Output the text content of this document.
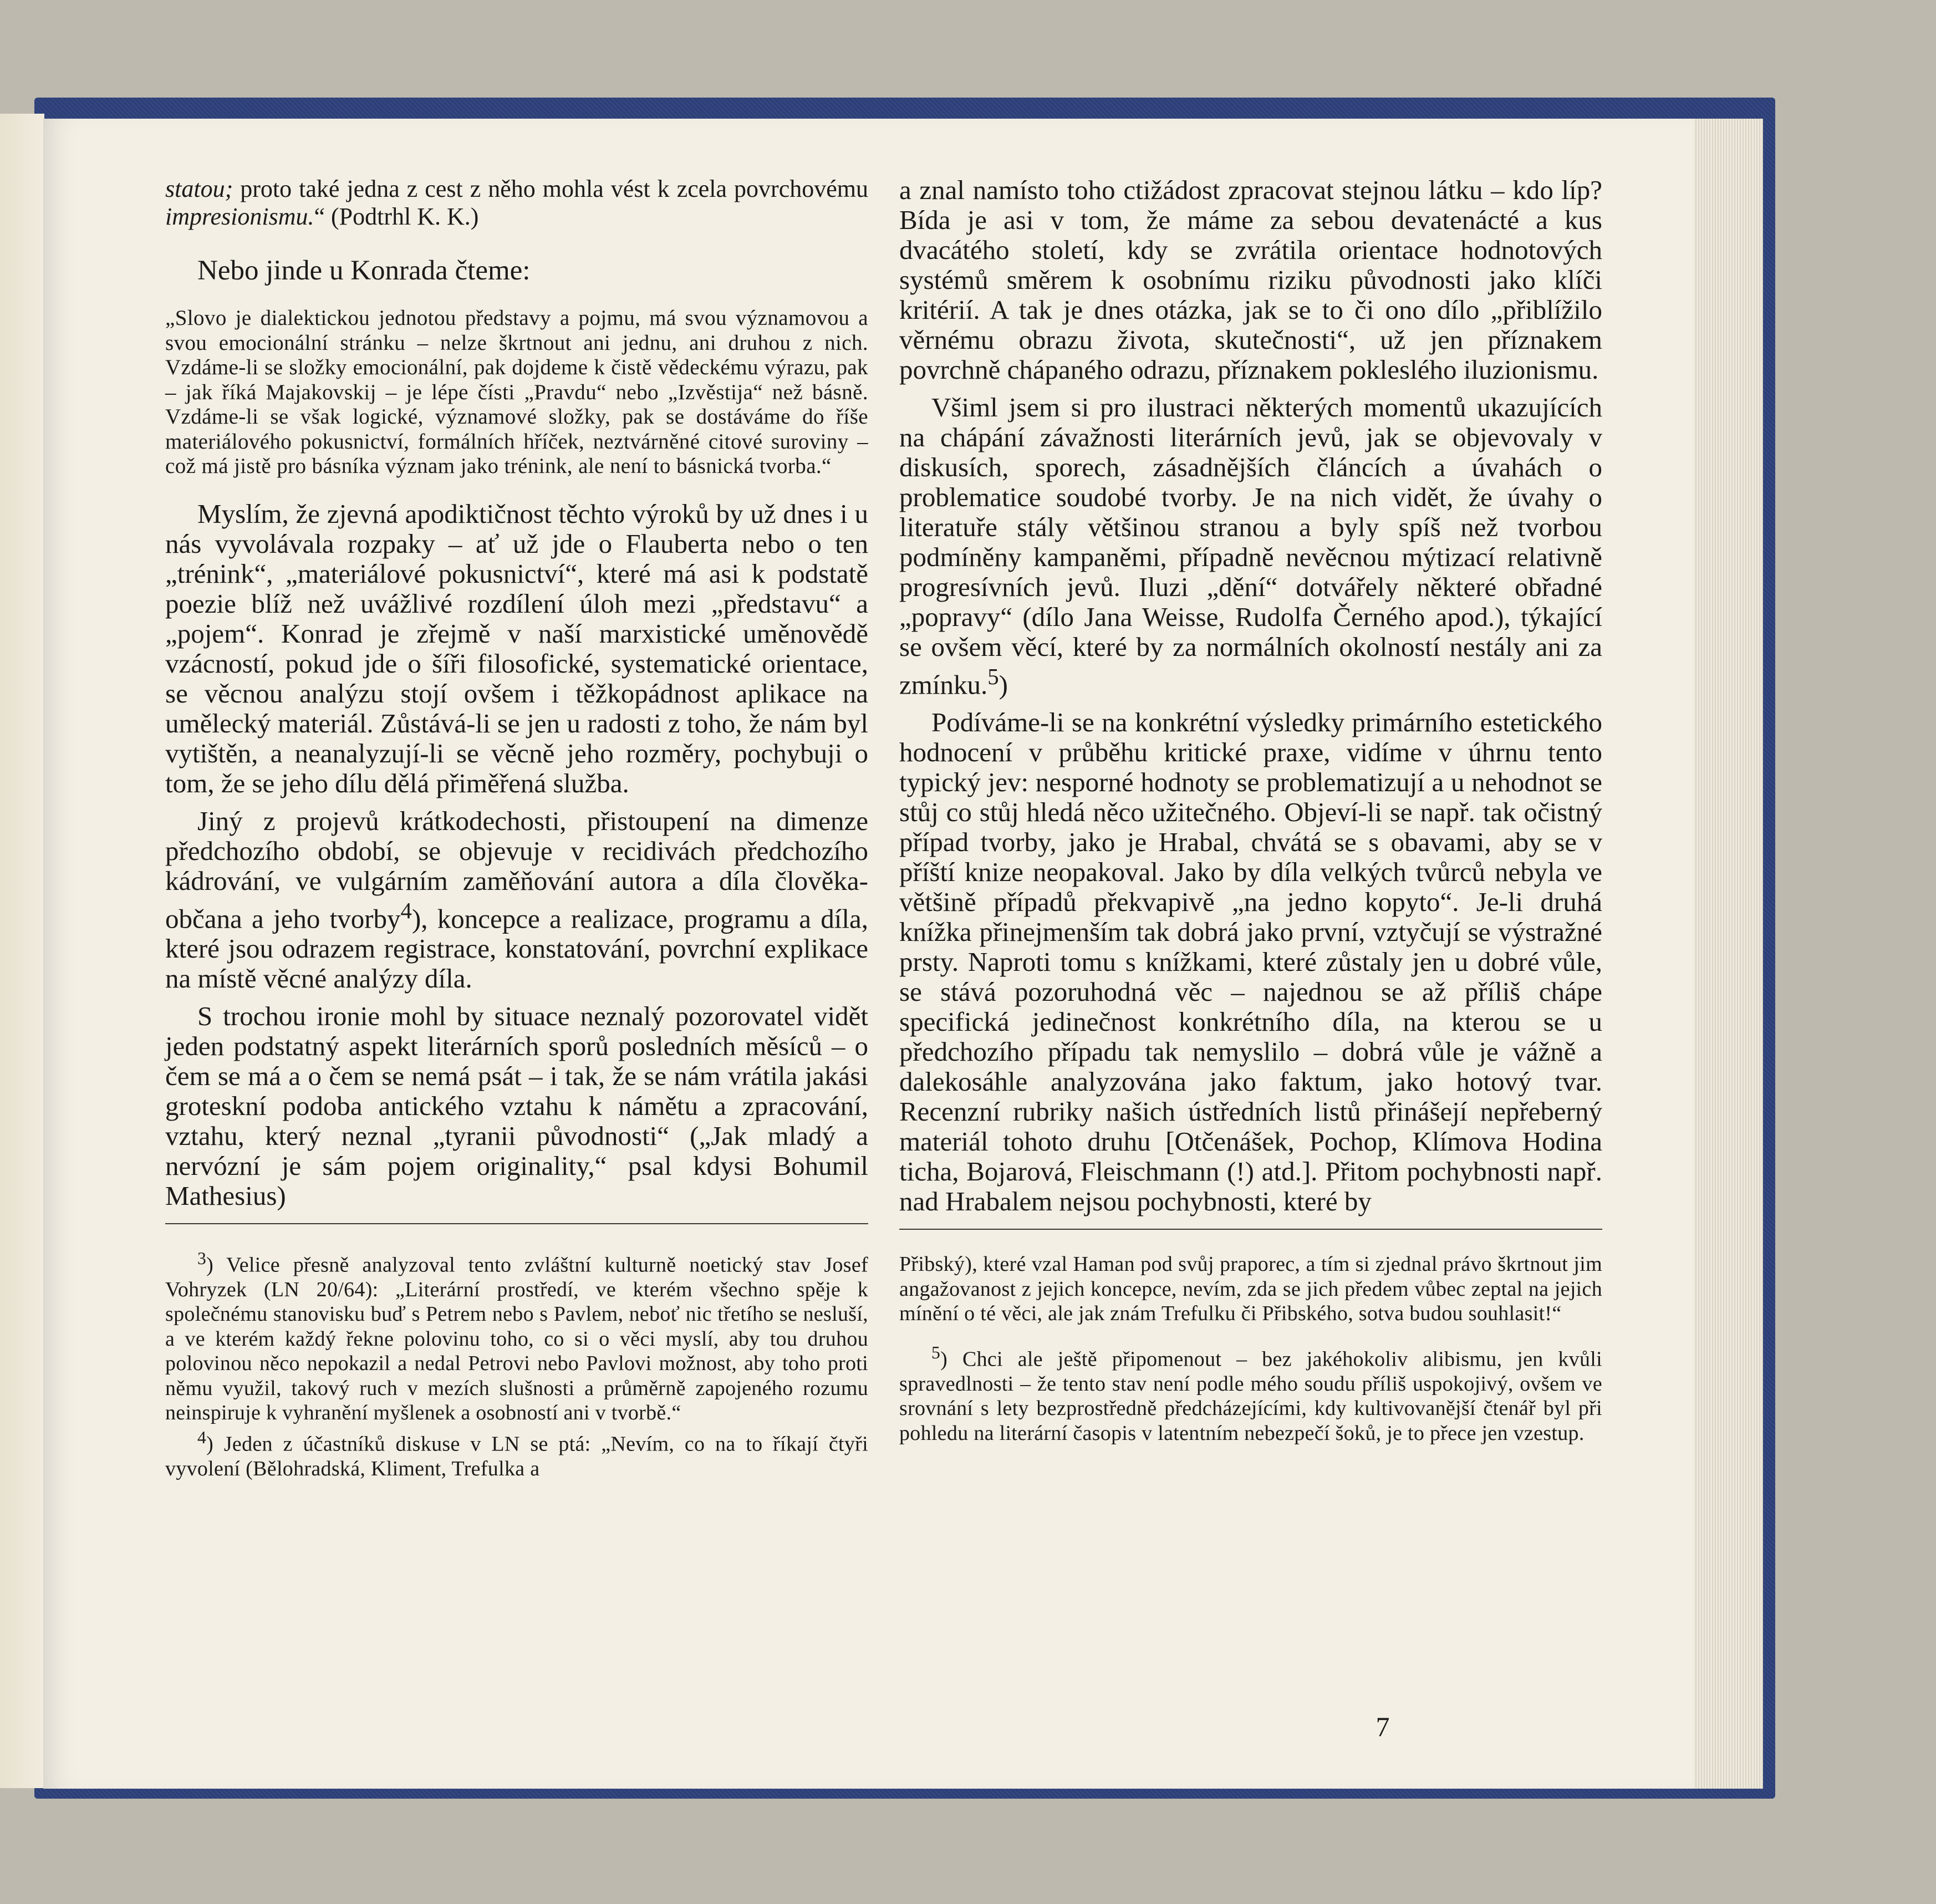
statou; proto také jedna z cest z něho mohla vést k zcela povrchovému impresionismu.“ (Podtrhl K. K.)

Nebo jinde u Konrada čteme:

„Slovo je dialektickou jednotou představy a pojmu, má svou významovou a svou emocionální stránku – nelze škrtnout ani jednu, ani druhou z nich. Vzdáme-li se složky emocionální, pak dojdeme k čistě vědeckému výrazu, pak – jak říká Majakovskij – je lépe čísti „Pravdu“ nebo „Izvěstija“ než básně. Vzdáme-li se však logické, významové složky, pak se dostáváme do říše materiálového pokusnictví, formálních hříček, neztvárněné citové suroviny – což má jistě pro básníka význam jako trénink, ale není to básnická tvorba.“

Myslím, že zjevná apodiktičnost těchto výroků by už dnes i u nás vyvolávala rozpaky – ať už jde o Flauberta nebo o ten „trénink“, „materiálové pokusnictví“, které má asi k podstatě poezie blíž než uvážlivé rozdílení úloh mezi „představu“ a „pojem“. Konrad je zřejmě v naší marxistické uměnovědě vzácností, pokud jde o šíři filosofické, systematické orientace, se věcnou analýzu stojí ovšem i těžkopádnost aplikace na umělecký materiál. Zůstává-li se jen u radosti z toho, že nám byl vytištěn, a neanalyzují-li se věcně jeho rozměry, pochybuji o tom, že se jeho dílu dělá přiměřená služba.

Jiný z projevů krátkodechosti, přistoupení na dimenze předchozího období, se objevuje v recidivách předchozího kádrování, ve vulgárním zaměňování autora a díla člověka-občana a jeho tvorby$^4$), koncepce a realizace, programu a díla, které jsou odrazem registrace, konstatování, povrchní explikace na místě věcné analýzy díla.

S trochou ironie mohl by situace neznalý pozorovatel vidět jeden podstatný aspekt literárních sporů posledních měsíců – o čem se má a o čem se nemá psát – i tak, že se nám vrátila jakási groteskní podoba antického vztahu k námětu a zpracování, vztahu, který neznal „tyranii původnosti“ („Jak mladý a nervózní je sám pojem originality,“ psal kdysi Bohumil Mathesius)

$^3$) Velice přesně analyzoval tento zvláštní kulturně noetický stav Josef Vohryzek (LN 20/64): „Literární prostředí, ve kterém všechno spěje k společnému stanovisku buď s Petrem nebo s Pavlem, neboť nic třetího se nesluší, a ve kterém každý řekne polovinu toho, co si o věci myslí, aby tou druhou polovinou něco nepokazil a nedal Petrovi nebo Pavlovi možnost, aby toho proti němu využil, takový ruch v mezích slušnosti a průměrně zapojeného rozumu neinspiruje k vyhranění myšlenek a osobností ani v tvorbě.“

$^4$) Jeden z účastníků diskuse v LN se ptá: „Nevím, co na to říkají čtyři vyvolení (Bělohradská, Kliment, Trefulka a

a znal namísto toho ctižádost zpracovat stejnou látku – kdo líp? Bída je asi v tom, že máme za sebou devatenácté a kus dvacátého století, kdy se zvrátila orientace hodnotových systémů směrem k osobnímu riziku původnosti jako klíči kritérií. A tak je dnes otázka, jak se to či ono dílo „přiblížilo věrnému obrazu života, skutečnosti“, už jen příznakem povrchně chápaného odrazu, příznakem pokleslého iluzionismu.

Všiml jsem si pro ilustraci některých momentů ukazujících na chápání závažnosti literárních jevů, jak se objevovaly v diskusích, sporech, zásadnějších článcích a úvahách o problematice soudobé tvorby. Je na nich vidět, že úvahy o literatuře stály většinou stranou a byly spíš než tvorbou podmíněny kampaněmi, případně nevěcnou mýtizací relativně progresívních jevů. Iluzi „dění“ dotvářely některé obřadné „popravy“ (dílo Jana Weisse, Rudolfa Černého apod.), týkající se ovšem věcí, které by za normálních okolností nestály ani za zmínku.$^5$)

Podíváme-li se na konkrétní výsledky primárního estetického hodnocení v průběhu kritické praxe, vidíme v úhrnu tento typický jev: nesporné hodnoty se problematizují a u nehodnot se stůj co stůj hledá něco užitečného. Objeví-li se např. tak očistný případ tvorby, jako je Hrabal, chvátá se s obavami, aby se v příští knize neopakoval. Jako by díla velkých tvůrců nebyla ve většině případů překvapivě „na jedno kopyto“. Je-li druhá knížka přinejmenším tak dobrá jako první, vztyčují se výstražné prsty. Naproti tomu s knížkami, které zůstaly jen u dobré vůle, se stává pozoruhodná věc – najednou se až příliš chápe specifická jedinečnost konkrétního díla, na kterou se u předchozího případu tak nemyslilo – dobrá vůle je vážně a dalekosáhle analyzována jako faktum, jako hotový tvar. Recenzní rubriky našich ústředních listů přinášejí nepřeberný materiál tohoto druhu [Otčenášek, Pochop, Klímova Hodina ticha, Bojarová, Fleischmann (!) atd.]. Přitom pochybnosti např. nad Hrabalem nejsou pochybnosti, které by

Přibský), které vzal Haman pod svůj praporec, a tím si zjednal právo škrtnout jim angažovanost z jejich koncepce, nevím, zda se jich předem vůbec zeptal na jejich mínění o té věci, ale jak znám Trefulku či Přibského, sotva budou souhlasit!“

$^5$) Chci ale ještě připomenout – bez jakéhokoliv alibismu, jen kvůli spravedlnosti – že tento stav není podle mého soudu příliš uspokojivý, ovšem ve srovnání s lety bezprostředně předcházejícími, kdy kultivovanější čtenář byl při pohledu na literární časopis v latentním nebezpečí šoků, je to přece jen vzestup.

7
